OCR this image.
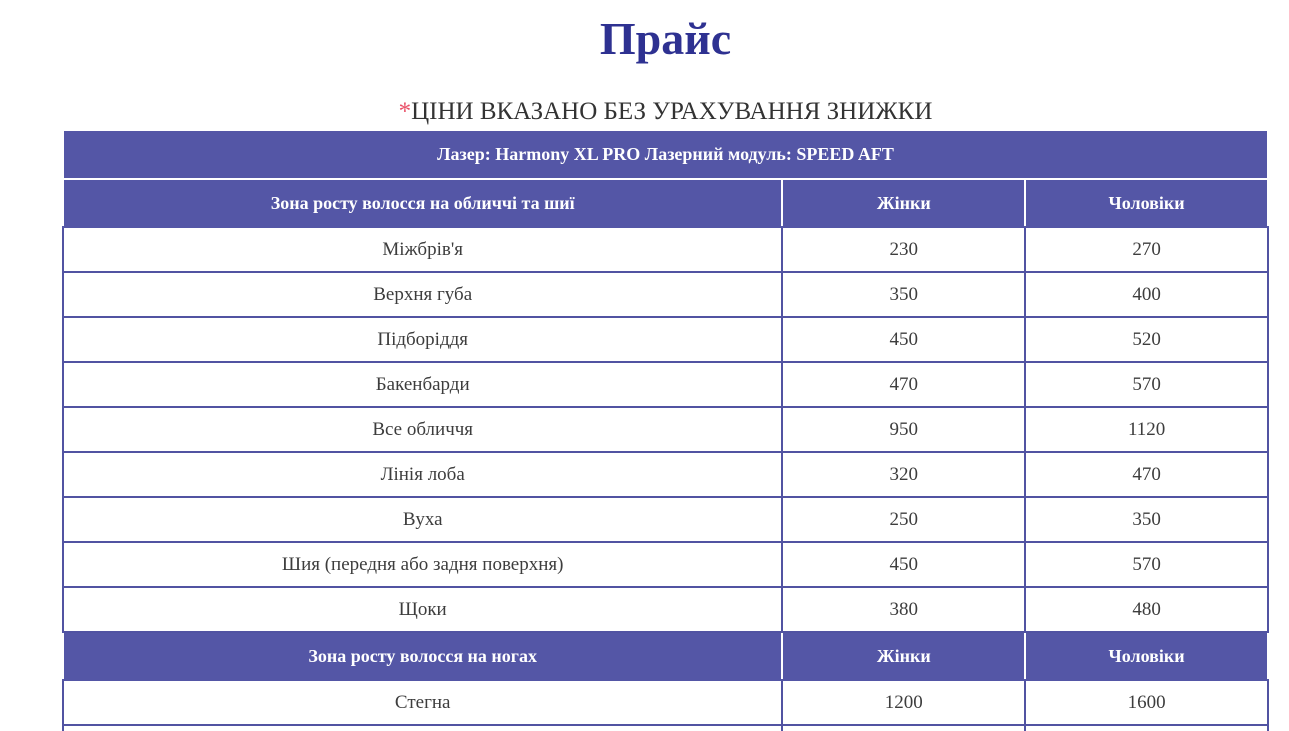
Прайс

*ЦІНИ ВКАЗАНО БЕЗ УРАХУВАННЯ ЗНИЖКИ

Лазер: Harmony XL PRO Лазерний модуль: SPEED AFT		
Зона росту волосся на обличчі та шиї	Жінки	Чоловіки
Міжбрів'я	230	270
Верхня губа	350	400
Підборіддя	450	520
Бакенбарди	470	570
Все обличчя	950	1120
Лінія лоба	320	470
Вуха	250	350
Шия (передня або задня поверхня)	450	570
Щоки	380	480
Зона росту волосся на ногах	Жінки	Чоловіки
Стегна	1200	1600
